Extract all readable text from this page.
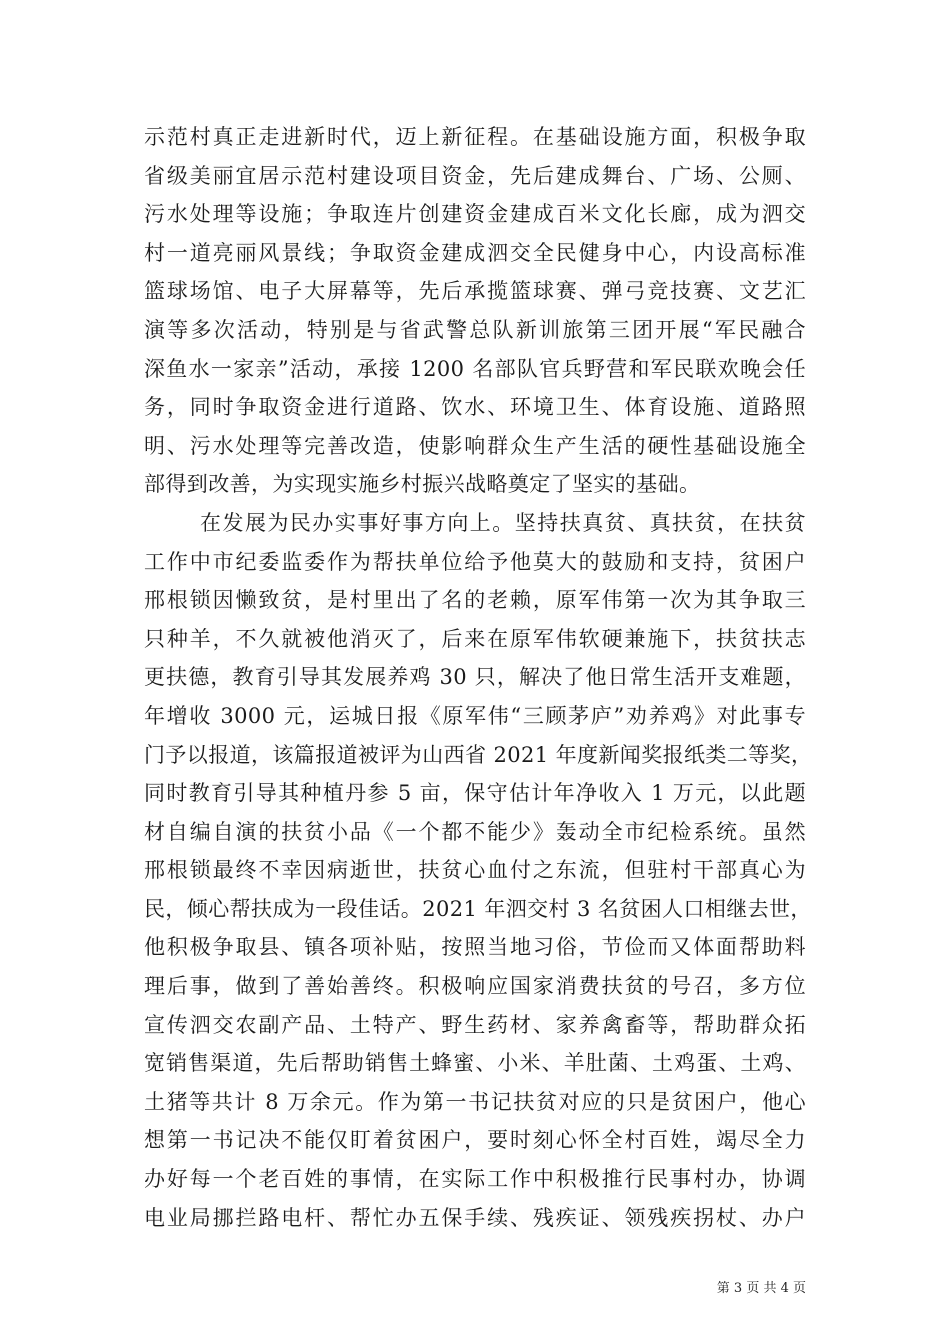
示范村真正走进新时代，迈上新征程。在基础设施方面，积极争取
省级美丽宜居示范村建设项目资金，先后建成舞台、广场、公厕、
污水处理等设施；争取连片创建资金建成百米文化长廊，成为泗交
村一道亮丽风景线；争取资金建成泗交全民健身中心，内设高标准
篮球场馆、电子大屏幕等，先后承揽篮球赛、弹弓竞技赛、文艺汇
演等多次活动，特别是与省武警总队新训旅第三团开展“军民融合
深鱼水一家亲”活动，承接 1200 名部队官兵野营和军民联欢晚会任
务，同时争取资金进行道路、饮水、环境卫生、体育设施、道路照
明、污水处理等完善改造，使影响群众生产生活的硬性基础设施全
部得到改善，为实现实施乡村振兴战略奠定了坚实的基础。
在发展为民办实事好事方向上。坚持扶真贫、真扶贫，在扶贫
工作中市纪委监委作为帮扶单位给予他莫大的鼓励和支持，贫困户
邢根锁因懒致贫，是村里出了名的老赖，原军伟第一次为其争取三
只种羊，不久就被他消灭了，后来在原军伟软硬兼施下，扶贫扶志
更扶德，教育引导其发展养鸡 30 只，解决了他日常生活开支难题，
年增收 3000 元，运城日报《原军伟“三顾茅庐”劝养鸡》对此事专
门予以报道，该篇报道被评为山西省 2021 年度新闻奖报纸类二等奖，
同时教育引导其种植丹参 5 亩，保守估计年净收入 1 万元，以此题
材自编自演的扶贫小品《一个都不能少》轰动全市纪检系统。虽然
邢根锁最终不幸因病逝世，扶贫心血付之东流，但驻村干部真心为
民，倾心帮扶成为一段佳话。2021 年泗交村 3 名贫困人口相继去世，
他积极争取县、镇各项补贴，按照当地习俗，节俭而又体面帮助料
理后事，做到了善始善终。积极响应国家消费扶贫的号召，多方位
宣传泗交农副产品、土特产、野生药材、家养禽畜等，帮助群众拓
宽销售渠道，先后帮助销售土蜂蜜、小米、羊肚菌、土鸡蛋、土鸡、
土猪等共计 8 万余元。作为第一书记扶贫对应的只是贫困户，他心
想第一书记决不能仅盯着贫困户，要时刻心怀全村百姓，竭尽全力
办好每一个老百姓的事情，在实际工作中积极推行民事村办，协调
电业局挪拦路电杆、帮忙办五保手续、残疾证、领残疾拐杖、办户
第 3 页 共 4 页
